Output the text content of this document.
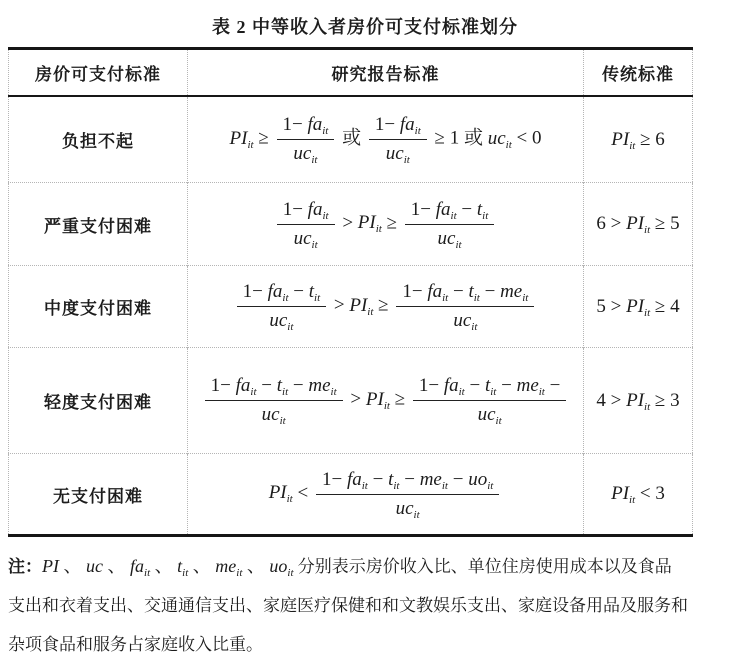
表 2 中等收入者房价可支付标准划分
房价可支付标准	研究报告标准	传统标准
负担不起	$PI_{it} \ge \frac{1- fa_{it}}{uc_{it}}$ 或 $\frac{1- fa_{it}}{uc_{it}} \ge 1$ 或 $uc_{it} < 0$	$PI_{it} \ge 6$
严重支付困难	$\frac{1- fa_{it}}{uc_{it}} > PI_{it} \ge \frac{1- fa_{it} - t_{it}}{uc_{it}}$	$6 > PI_{it} \ge 5$
中度支付困难	$\frac{1- fa_{it} - t_{it}}{uc_{it}} > PI_{it} \ge \frac{1- fa_{it} - t_{it} - me_{it}}{uc_{it}}$	$5 > PI_{it} \ge 4$
轻度支付困难	$\frac{1- fa_{it} - t_{it} - me_{it}}{uc_{it}} > PI_{it} \ge \frac{1- fa_{it} - t_{it} - me_{it} -}{uc_{it}}$	$4 > PI_{it} \ge 3$
无支付困难	$PI_{it} < \frac{1- fa_{it} - t_{it} - me_{it} - uo_{it}}{uc_{it}}$	$PI_{it} < 3$
注：PI 、 uc 、 $fa_{it}$ 、 $t_{it}$ 、 $me_{it}$ 、 $uo_{it}$ 分别表示房价收入比、单位住房使用成本以及食品
支出和衣着支出、交通通信支出、家庭医疗保健和和文教娱乐支出、家庭设备用品及服务和
杂项食品和服务占家庭收入比重。
